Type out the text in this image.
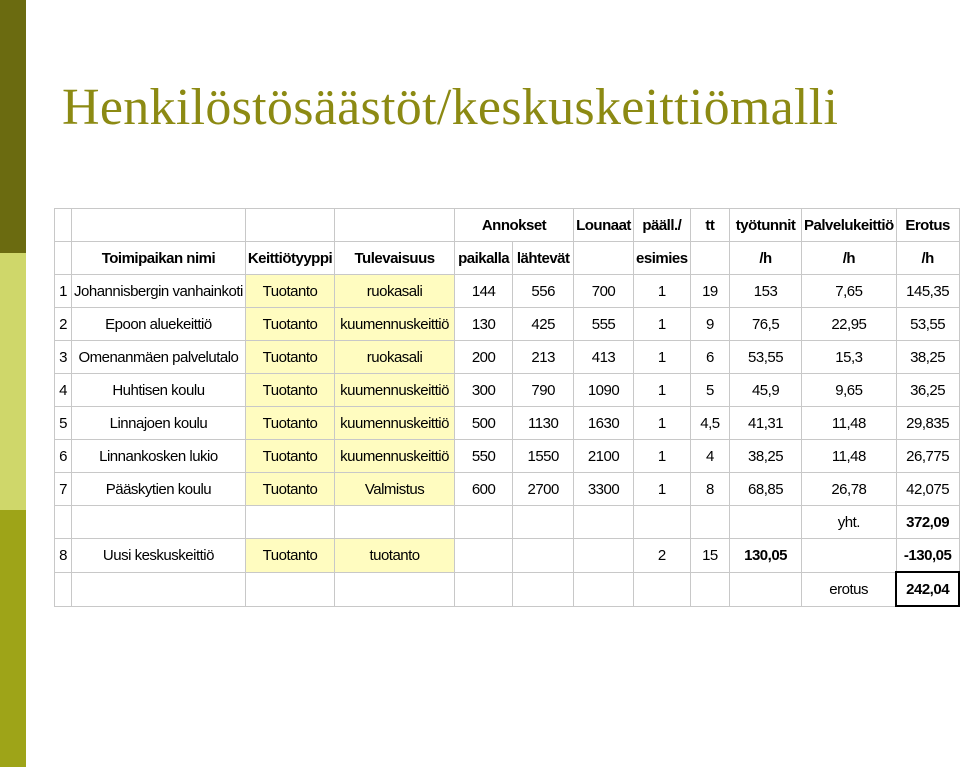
Henkilöstösäästöt/keskuskeittiömalli
				Annokset		Lounaat	pääll./	tt	työtunnit	Palvelukeittiö	Erotus
	Toimipaikan nimi	Keittiötyyppi	Tulevaisuus	paikalla	lähtevät		esimies		/h	/h	/h
1	Johannisbergin vanhainkoti	Tuotanto	ruokasali	144	556	700	1	19	153	7,65	145,35
2	Epoon aluekeittiö	Tuotanto	kuumennuskeittiö	130	425	555	1	9	76,5	22,95	53,55
3	Omenanmäen palvelutalo	Tuotanto	ruokasali	200	213	413	1	6	53,55	15,3	38,25
4	Huhtisen koulu	Tuotanto	kuumennuskeittiö	300	790	1090	1	5	45,9	9,65	36,25
5	Linnajoen koulu	Tuotanto	kuumennuskeittiö	500	1130	1630	1	4,5	41,31	11,48	29,835
6	Linnankosken lukio	Tuotanto	kuumennuskeittiö	550	1550	2100	1	4	38,25	11,48	26,775
7	Pääskytien koulu	Tuotanto	Valmistus	600	2700	3300	1	8	68,85	26,78	42,075
										yht.	372,09
8	Uusi keskuskeittiö	Tuotanto	tuotanto				2	15	130,05		-130,05
										erotus	242,04
